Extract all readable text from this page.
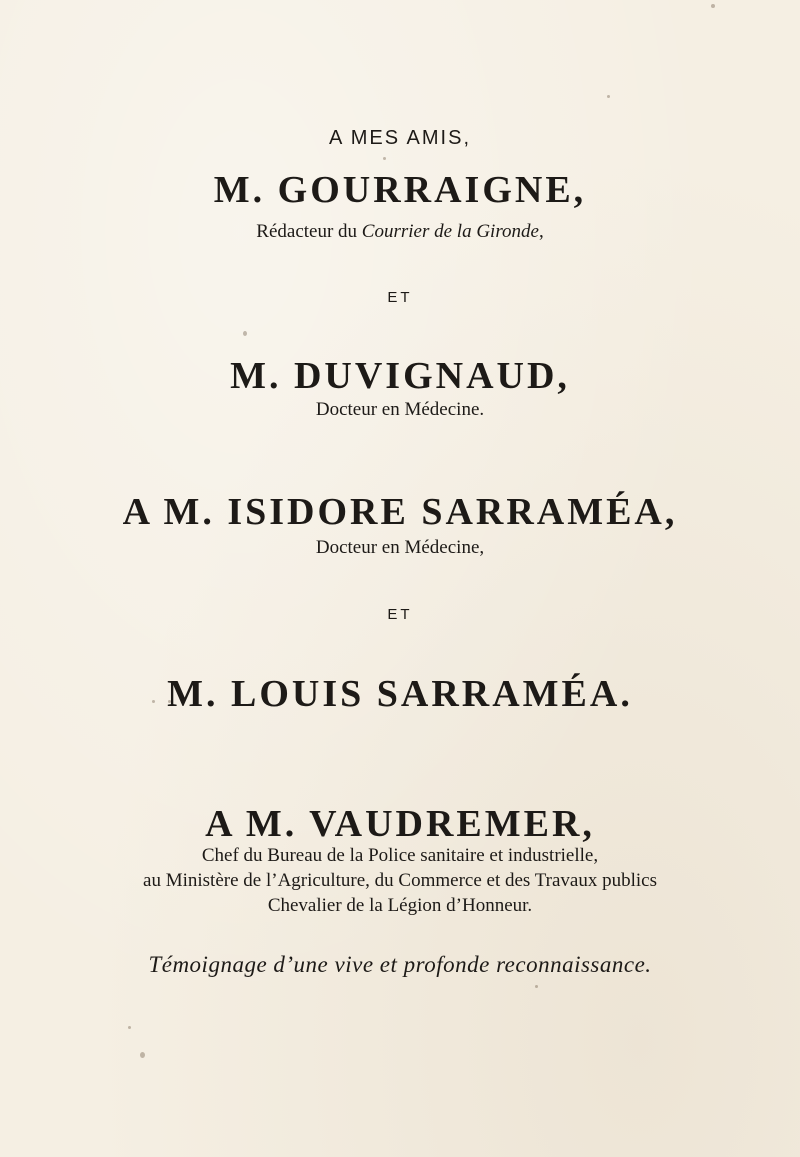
A MES AMIS,
M. GOURRAIGNE,
Rédacteur du Courrier de la Gironde,
ET
M. DUVIGNAUD,
Docteur en Médecine.
A M. ISIDORE SARRAMÉA,
Docteur en Médecine,
ET
M. LOUIS SARRAMÉA.
A M. VAUDREMER,
Chef du Bureau de la Police sanitaire et industrielle,
au Ministère de l’Agriculture, du Commerce et des Travaux publics
Chevalier de la Légion d’Honneur.
Témoignage d’une vive et profonde reconnaissance.
